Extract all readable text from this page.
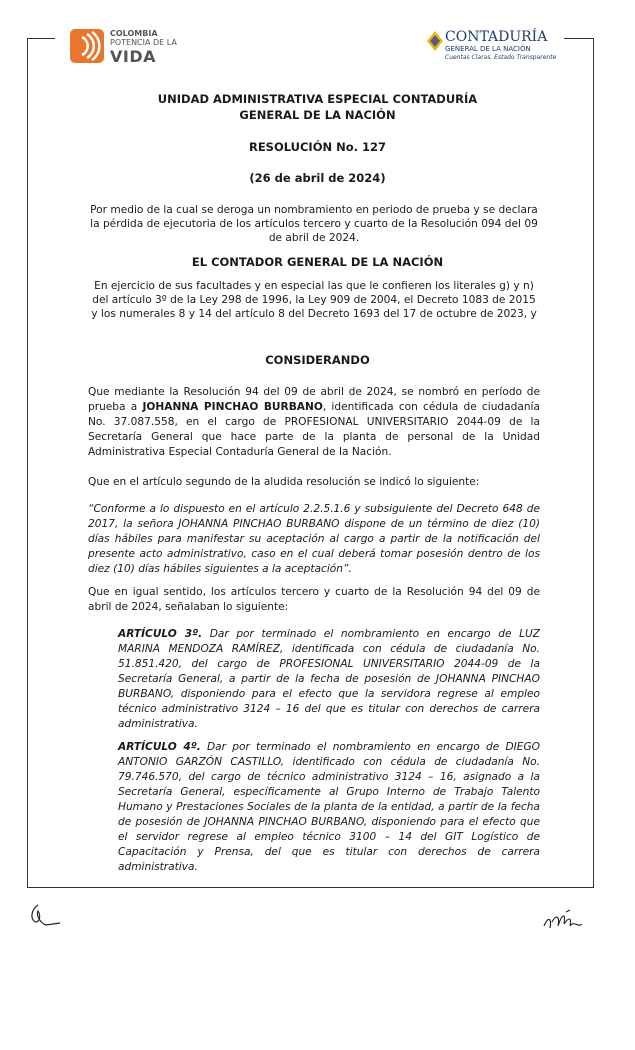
COLOMBIA
POTENCIA DE LA
VIDA
CONTADURÍA
GENERAL DE LA NACIÓN
Cuentas Claras, Estado Transparente
UNIDAD ADMINISTRATIVA ESPECIAL CONTADURÍA
GENERAL DE LA NACIÓN
RESOLUCIÓN No. 127
(26 de abril de 2024)
Por medio de la cual se deroga un nombramiento en periodo de prueba y se declara la pérdida de ejecutoria de los artículos tercero y cuarto de la Resolución 094 del 09 de abril de 2024.
EL CONTADOR GENERAL DE LA NACIÓN
En ejercicio de sus facultades y en especial las que le confieren los literales g) y n) del artículo 3º de la Ley 298 de 1996, la Ley 909 de 2004, el Decreto 1083 de 2015 y los numerales 8 y 14 del artículo 8 del Decreto 1693 del 17 de octubre de 2023, y
CONSIDERANDO
Que mediante la Resolución 94 del 09 de abril de 2024, se nombró en período de prueba a JOHANNA PINCHAO BURBANO, identificada con cédula de ciudadanía No. 37.087.558, en el cargo de PROFESIONAL UNIVERSITARIO 2044-09 de la Secretaría General que hace parte de la planta de personal de la Unidad Administrativa Especial Contaduría General de la Nación.
Que en el artículo segundo de la aludida resolución se indicó lo siguiente:
“Conforme a lo dispuesto en el artículo 2.2.5.1.6 y subsiguiente del Decreto 648 de 2017, la señora JOHANNA PINCHAO BURBANO dispone de un término de diez (10) días hábiles para manifestar su aceptación al cargo a partir de la notificación del presente acto administrativo, caso en el cual deberá tomar posesión dentro de los diez (10) días hábiles siguientes a la aceptación”.
Que en igual sentido, los artículos tercero y cuarto de la Resolución 94 del 09 de abril de 2024, señalaban lo siguiente:
ARTÍCULO 3º. Dar por terminado el nombramiento en encargo de LUZ MARINA MENDOZA RAMÍREZ, identificada con cédula de ciudadanía No. 51.851.420, del cargo de PROFESIONAL UNIVERSITARIO 2044-09 de la Secretaría General, a partir de la fecha de posesión de JOHANNA PINCHAO BURBANO, disponiendo para el efecto que la servidora regrese al empleo técnico administrativo 3124 – 16 del que es titular con derechos de carrera administrativa.
ARTÍCULO 4º. Dar por terminado el nombramiento en encargo de DIEGO ANTONIO GARZÓN CASTILLO, identificado con cédula de ciudadanía No. 79.746.570, del cargo de técnico administrativo 3124 – 16, asignado a la Secretaría General, específicamente al Grupo Interno de Trabajo Talento Humano y Prestaciones Sociales de la planta de la entidad, a partir de la fecha de posesión de JOHANNA PINCHAO BURBANO, disponiendo para el efecto que el servidor regrese al empleo técnico 3100 – 14 del GIT Logístico de Capacitación y Prensa, del que es titular con derechos de carrera administrativa.
